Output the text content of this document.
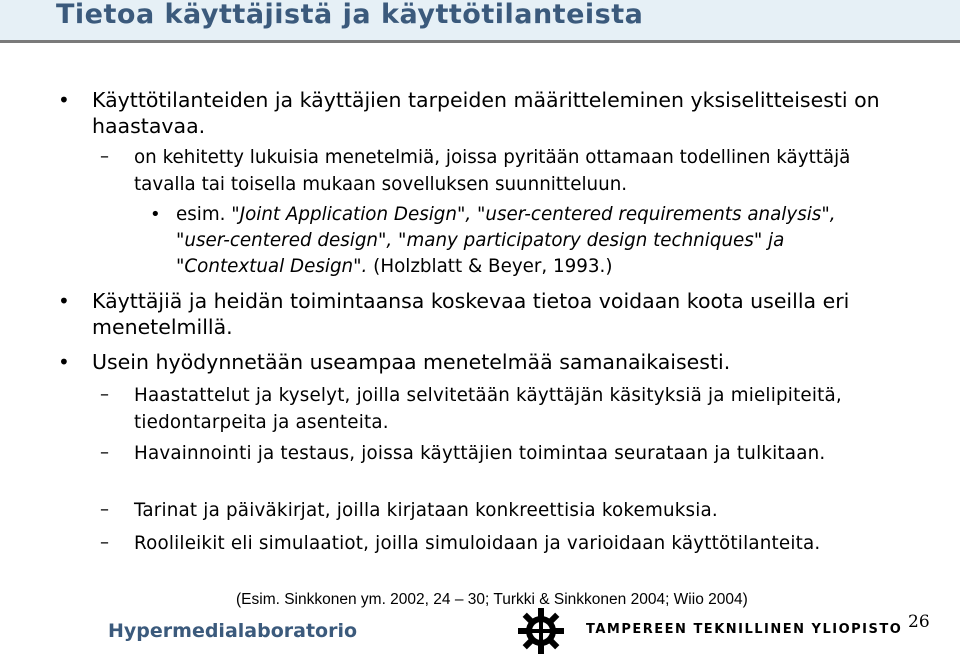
Tietoa käyttäjistä ja käyttötilanteista
• Käyttötilanteiden ja käyttäjien tarpeiden määritteleminen yksiselitteisesti on haastavaa.

– on kehitetty lukuisia menetelmiä, joissa pyritään ottamaan todellinen käyttäjä tavalla tai toisella mukaan sovelluksen suunnitteluun.

• esim. "Joint Application Design", "user-centered requirements analysis", "user-centered design", "many participatory design techniques" ja "Contextual Design". (Holzblatt & Beyer, 1993.)

• Käyttäjiä ja heidän toimintaansa koskevaa tietoa voidaan koota useilla eri menetelmillä.

• Usein hyödynnetään useampaa menetelmää samanaikaisesti.

– Haastattelut ja kyselyt, joilla selvitetään käyttäjän käsityksiä ja mielipiteitä, tiedontarpeita ja asenteita.

– Havainnointi ja testaus, joissa käyttäjien toimintaa seurataan ja tulkitaan.

– Tarinat ja päiväkirjat, joilla kirjataan konkreettisia kokemuksia.

– Roolileikit eli simulaatiot, joilla simuloidaan ja varioidaan käyttötilanteita.

(Esim. Sinkkonen ym. 2002, 24 – 30; Turkki & Sinkkonen 2004; Wiio 2004)
Hypermedialaboratorio	TAMPEREEN TEKNILLINEN YLIOPISTO 26
